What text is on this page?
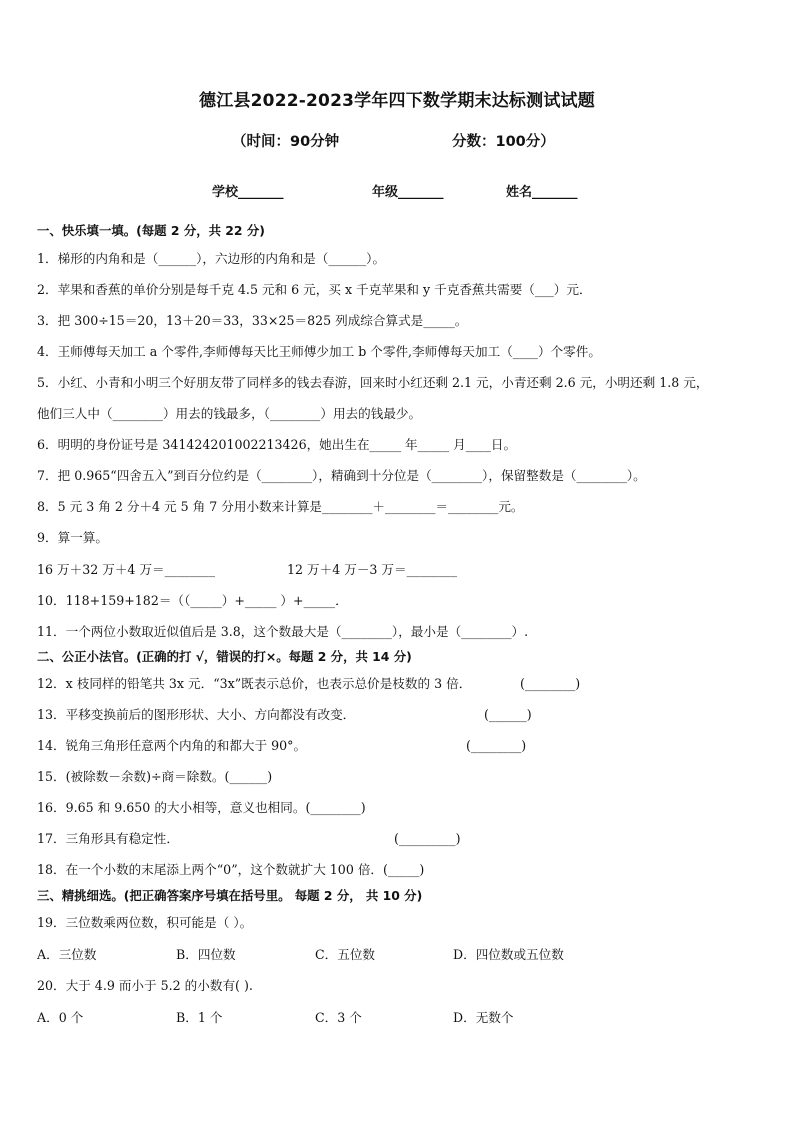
德江县2022-2023学年四下数学期末达标测试试题
（时间：90分钟	分数：100分）
学校_______	年级_______	姓名_______
一、快乐填一填。(每题 2 分，共 22 分)
1．梯形的内角和是（______），六边形的内角和是（______）。
2．苹果和香蕉的单价分别是每千克 4.5 元和 6 元，买 x 千克苹果和 y 千克香蕉共需要（___）元．
3．把 300÷15＝20，13＋20＝33，33×25＝825 列成综合算式是_____。
4．王师傅每天加工 a 个零件,李师傅每天比王师傅少加工 b 个零件,李师傅每天加工（____）个零件。
5．小红、小青和小明三个好朋友带了同样多的钱去春游，回来时小红还剩 2.1 元，小青还剩 2.6 元，小明还剩 1.8 元，
他们三人中（________）用去的钱最多，（________）用去的钱最少。
6．明明的身份证号是 341424201002213426，她出生在_____ 年_____ 月____日。
7．把 0.965“四舍五入”到百分位约是（________），精确到十分位是（________），保留整数是（________）。
8．5 元 3 角 2 分＋4 元 5 角 7 分用小数来计算是________＋________＝________元。
9．算一算。
16 万＋32 万＋4 万＝________	12 万＋4 万－3 万＝________
10．118+159+182＝（（_____）+_____ ）+_____．
11．一个两位小数取近似值后是 3.8，这个数最大是（________），最小是（________）.
二、公正小法官。(正确的打 √，错误的打×。每题 2 分，共 14 分)
12．x 枝同样的铅笔共 3x 元．“3x”既表示总价，也表示总价是枝数的 3 倍．	(________)
13．平移变换前后的图形形状、大小、方向都没有改变．	(______)
14．锐角三角形任意两个内角的和都大于 90°。	(________)
15．(被除数－余数)÷商＝除数。(______)
16．9.65 和 9.650 的大小相等，意义也相同。(________)
17．三角形具有稳定性．	(_________)
18．在一个小数的末尾添上两个“0”，这个数就扩大 100 倍．(_____)
三、精挑细选。(把正确答案序号填在括号里。 每题 2 分， 共 10 分)
19．三位数乘两位数，积可能是（ ）。
A．三位数	B．四位数	C．五位数	D．四位数或五位数
20．大于 4.9 而小于 5.2 的小数有( ).
A．0 个	B．1 个	C．3 个	D．无数个
